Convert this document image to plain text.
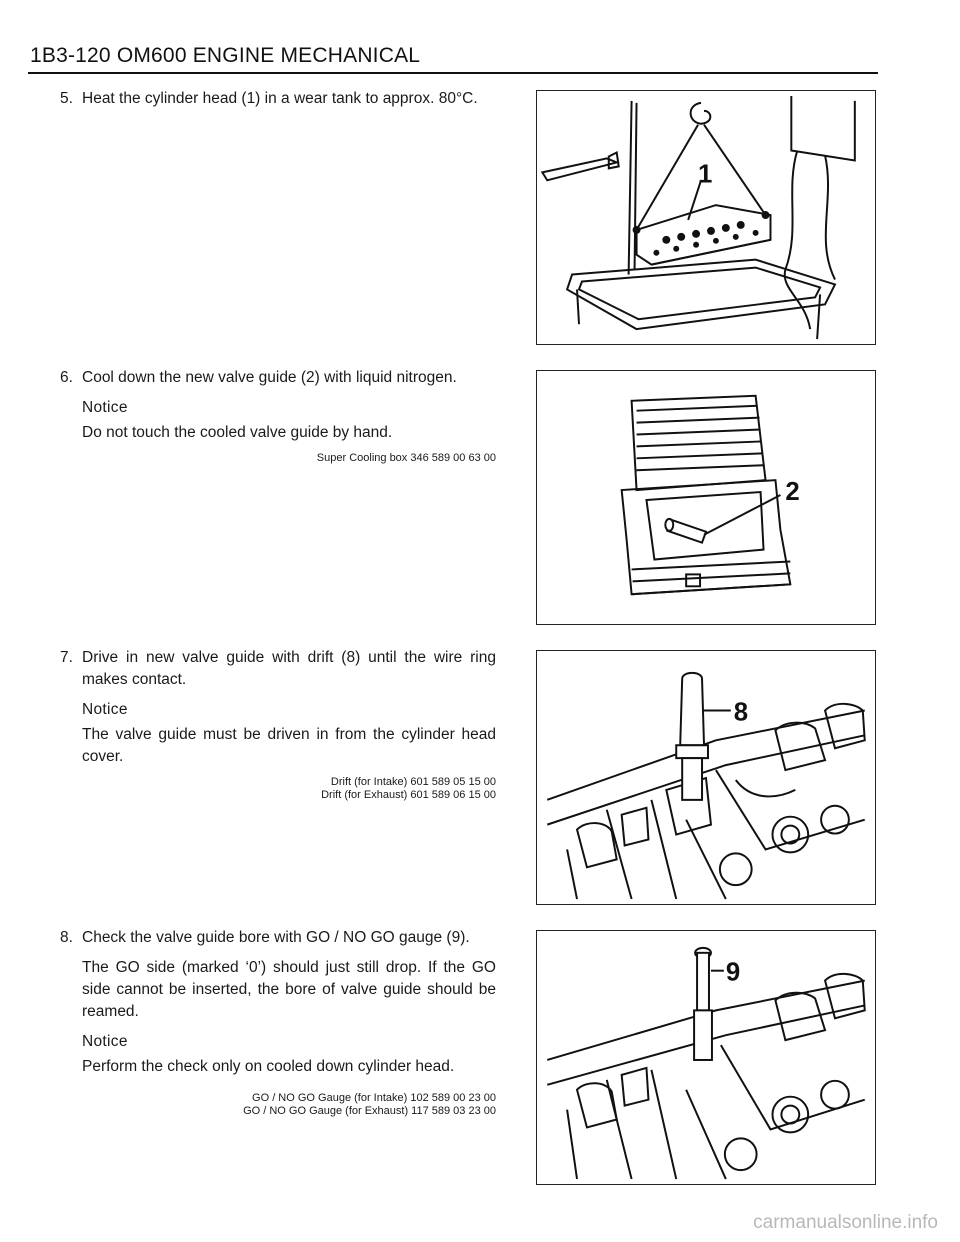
1B3-120 OM600 ENGINE MECHANICAL
5. Heat the cylinder head (1) in a wear tank to approx. 80°C.

6. Cool down the new valve guide (2) with liquid nitrogen.

Notice

Do not touch the cooled valve guide by hand.

Super Cooling box 346 589 00 63 00
7. Drive in new valve guide with drift (8) until the wire ring makes contact.

Notice

The valve guide must be driven in from the cylinder head cover.

Drift (for Intake) 601 589 05 15 00
Drift (for Exhaust) 601 589 06 15 00
8. Check the valve guide bore with GO / NO GO gauge (9).

The GO side (marked ‘0’) should just still drop. If the GO side cannot be inserted, the bore of valve guide should be reamed.

Notice

Perform the check only on cooled down cylinder head.

GO / NO GO Gauge (for Intake) 102 589 00 23 00
GO / NO GO Gauge (for Exhaust) 117 589 03 23 00
1
2
8
9
carmanualsonline.info
